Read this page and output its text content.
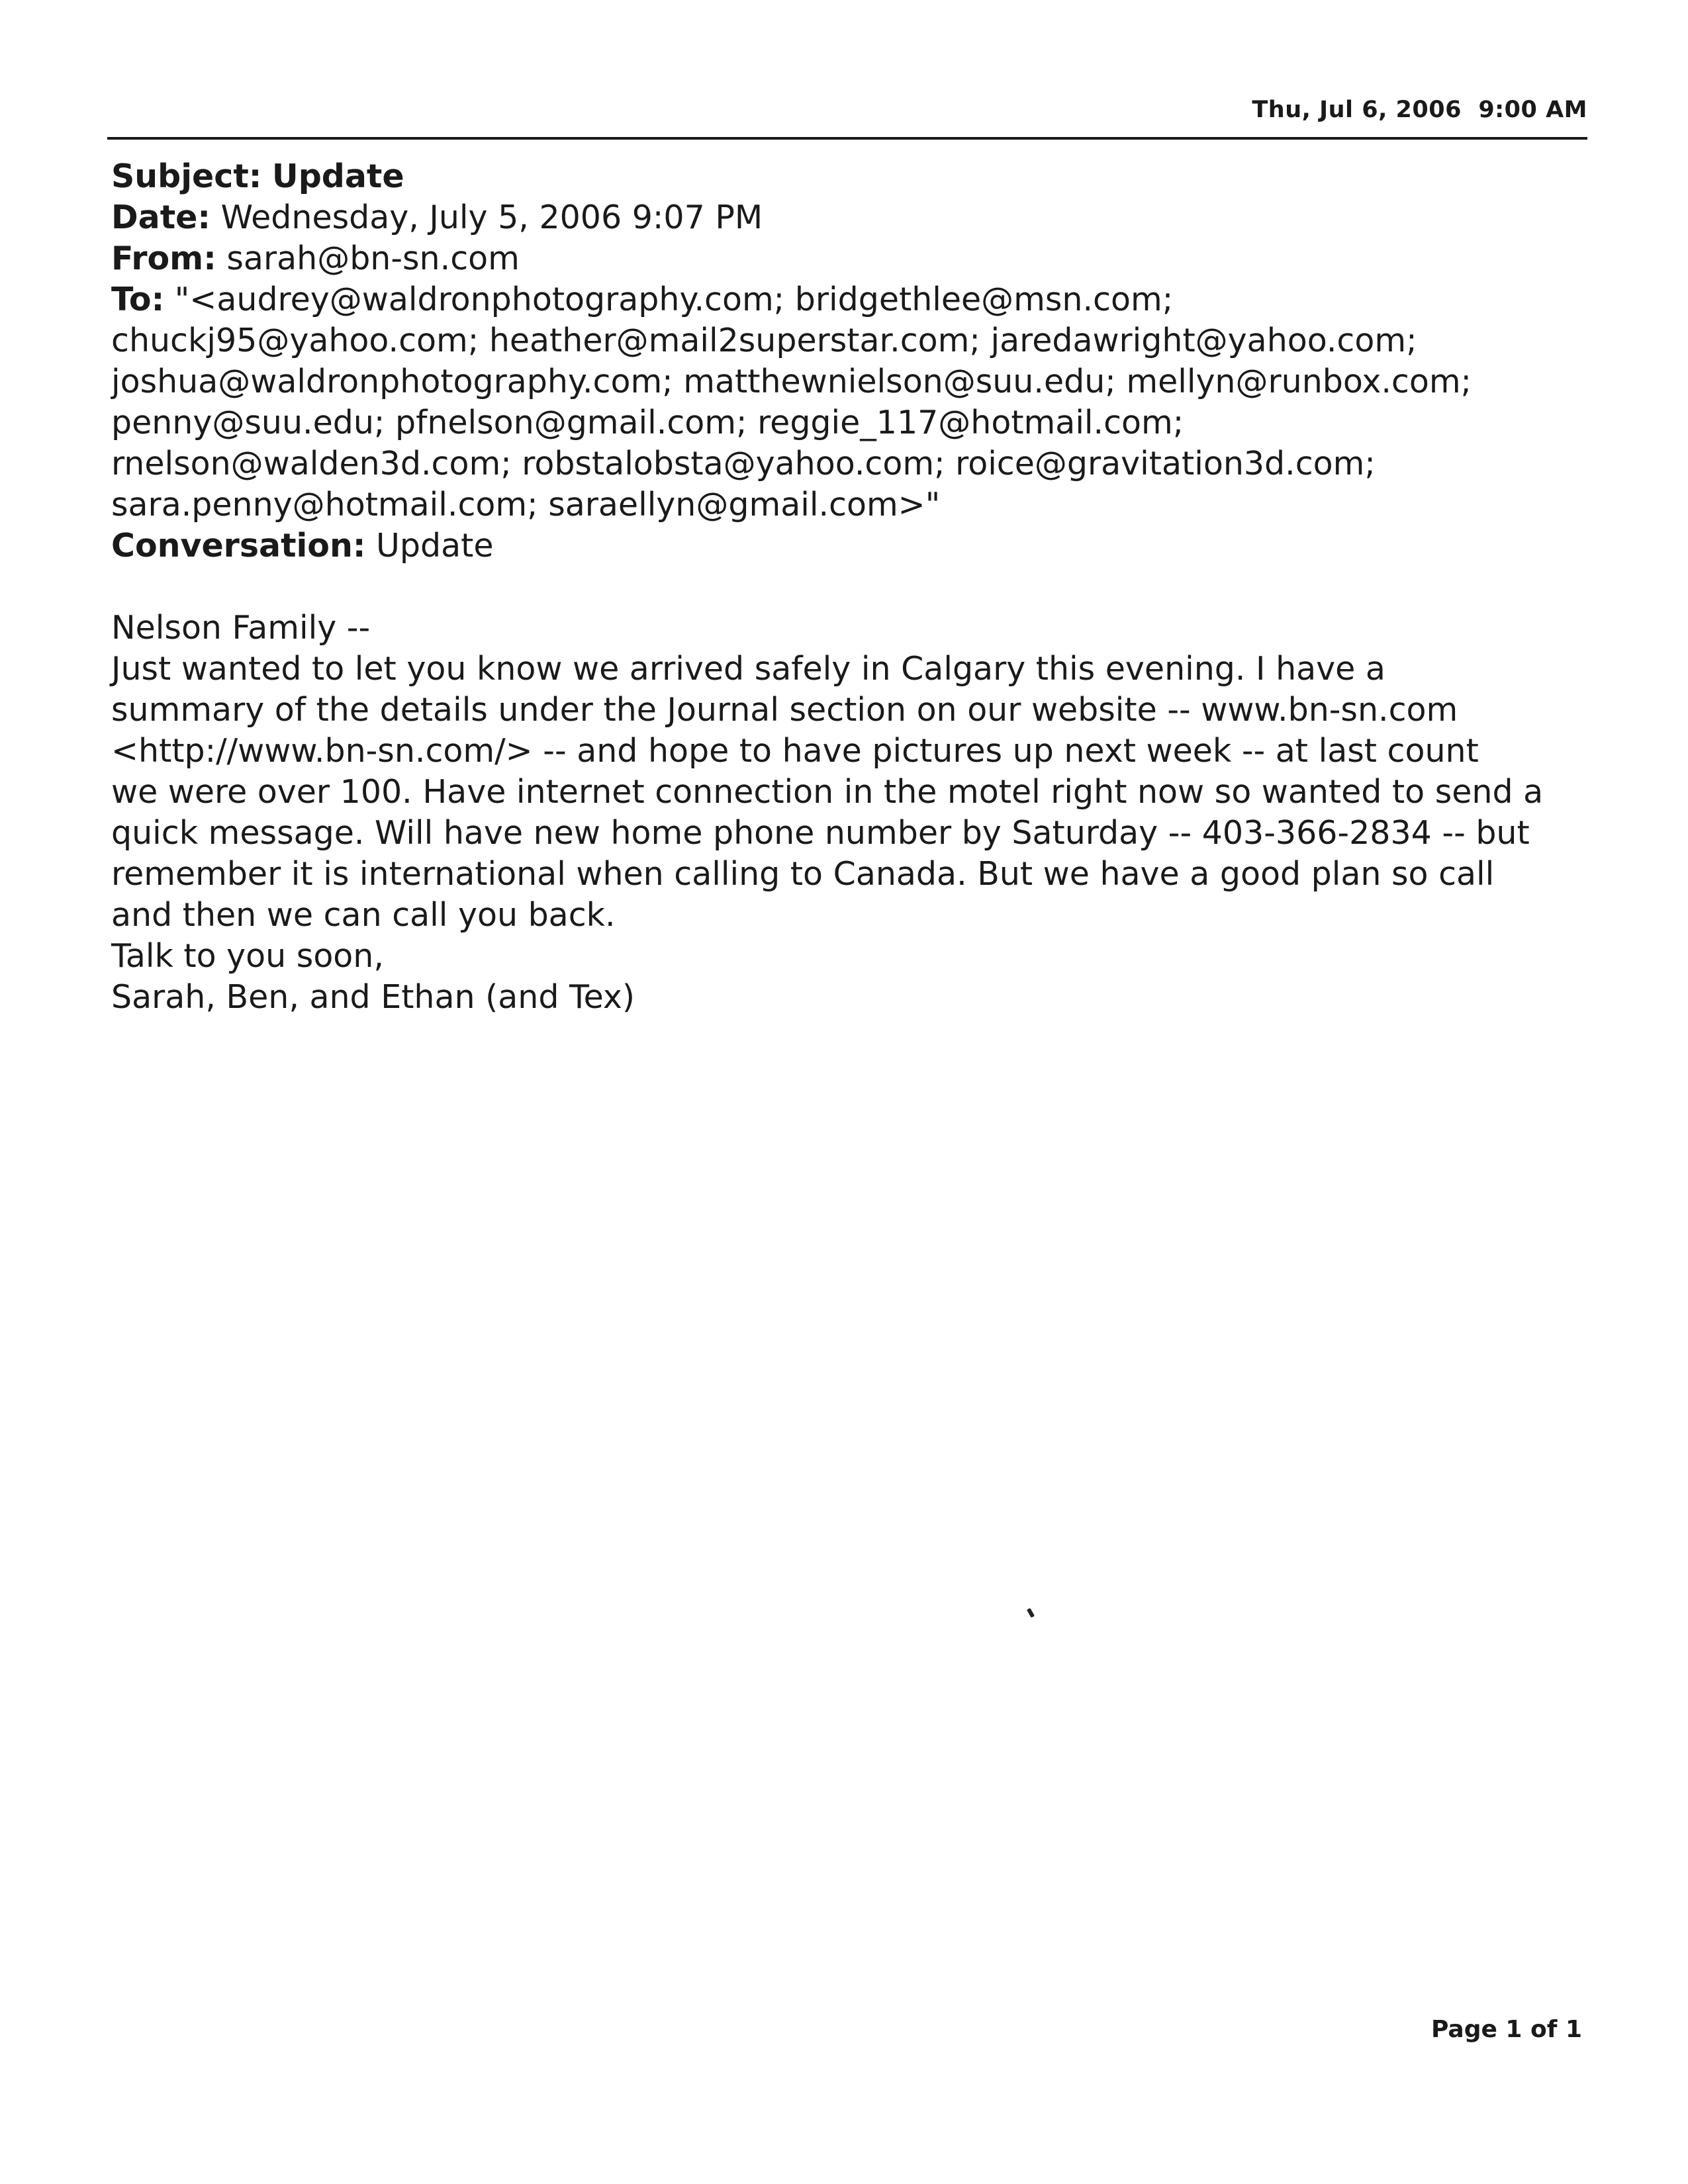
Thu, Jul 6, 2006  9:00 AM
Subject: Update
Date: Wednesday, July 5, 2006 9:07 PM
From: sarah@bn-sn.com
To: "<audrey@waldronphotography.com; bridgethlee@msn.com;
chuckj95@yahoo.com; heather@mail2superstar.com; jaredawright@yahoo.com;
joshua@waldronphotography.com; matthewnielson@suu.edu; mellyn@runbox.com;
penny@suu.edu; pfnelson@gmail.com; reggie_117@hotmail.com;
rnelson@walden3d.com; robstalobsta@yahoo.com; roice@gravitation3d.com;
sara.penny@hotmail.com; saraellyn@gmail.com>"
Conversation: Update
Nelson Family --
Just wanted to let you know we arrived safely in Calgary this evening. I have a
summary of the details under the Journal section on our website -- www.bn-sn.com
<http://www.bn-sn.com/> -- and hope to have pictures up next week -- at last count
we were over 100. Have internet connection in the motel right now so wanted to send a
quick message. Will have new home phone number by Saturday -- 403-366-2834 -- but
remember it is international when calling to Canada. But we have a good plan so call
and then we can call you back.
Talk to you soon,
Sarah, Ben, and Ethan (and Tex)
Page 1 of 1
